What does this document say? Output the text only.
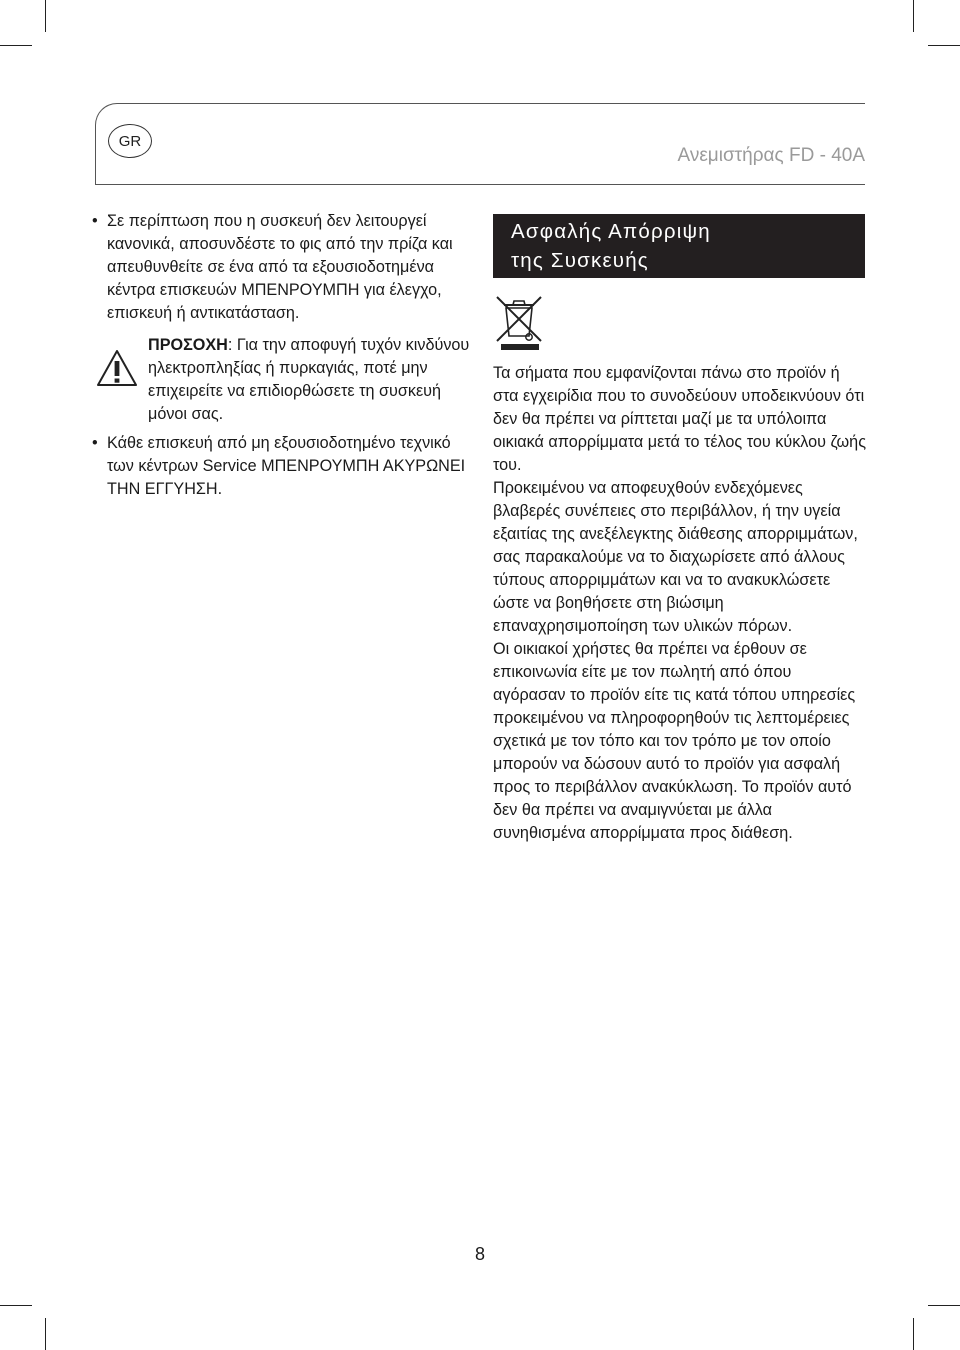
GR
Ανεμιστήρας FD - 40A

• Σε περίπτωση που η συσκευή δεν λειτουργεί κανονικά, αποσυνδέστε το φις από την πρίζα και απευθυνθείτε σε ένα από τα εξουσιοδοτημένα κέντρα επισκευών ΜΠΕΝΡΟΥΜΠΗ για έλεγχο, επισκευή ή αντικατάσταση.

ΠΡΟΣΟΧΗ: Για την αποφυγή τυχόν κινδύνου ηλεκτροπληξίας ή πυρκαγιάς, ποτέ μην επιχειρείτε να επιδιορθώσετε τη συσκευή μόνοι σας.

• Κάθε επισκευή από μη εξουσιοδοτημένο τεχνικό των κέντρων Service ΜΠΕΝΡΟΥΜΠΗ ΑΚΥΡΩΝΕΙ ΤΗΝ ΕΓΓΥΗΣΗ.

Ασφαλής Απόρριψη
της Συσκευής

Τα σήματα που εμφανίζονται πάνω στο προϊόν ή στα εγχειρίδια που το συνοδεύουν υποδεικνύουν ότι δεν θα πρέπει να ρίπτεται μαζί με τα υπόλοιπα οικιακά απορρίμματα μετά το τέλος του κύκλου ζωής του.

Προκειμένου να αποφευχθούν ενδεχόμενες βλαβερές συνέπειες στο περιβάλλον, ή την υγεία εξαιτίας της ανεξέλεγκτης διάθεσης απορριμμάτων, σας παρακαλούμε να το διαχωρίσετε από άλλους τύπους απορριμμάτων και να το ανακυκλώσετε ώστε να βοηθήσετε στη βιώσιμη επαναχρησιμοποίηση των υλικών πόρων.

Οι οικιακοί χρήστες θα πρέπει να έρθουν σε επικοινωνία είτε με τον πωλητή από όπου αγόρασαν το προϊόν είτε τις κατά τόπου υπηρεσίες προκειμένου να πληροφορηθούν τις λεπτομέρειες σχετικά με τον τόπο και τον τρόπο με τον οποίο μπορούν να δώσουν αυτό το προϊόν για ασφαλή προς το περιβάλλον ανακύκλωση. Το προϊόν αυτό δεν θα πρέπει να αναμιγνύεται με άλλα συνηθισμένα απορρίμματα προς διάθεση.

8
